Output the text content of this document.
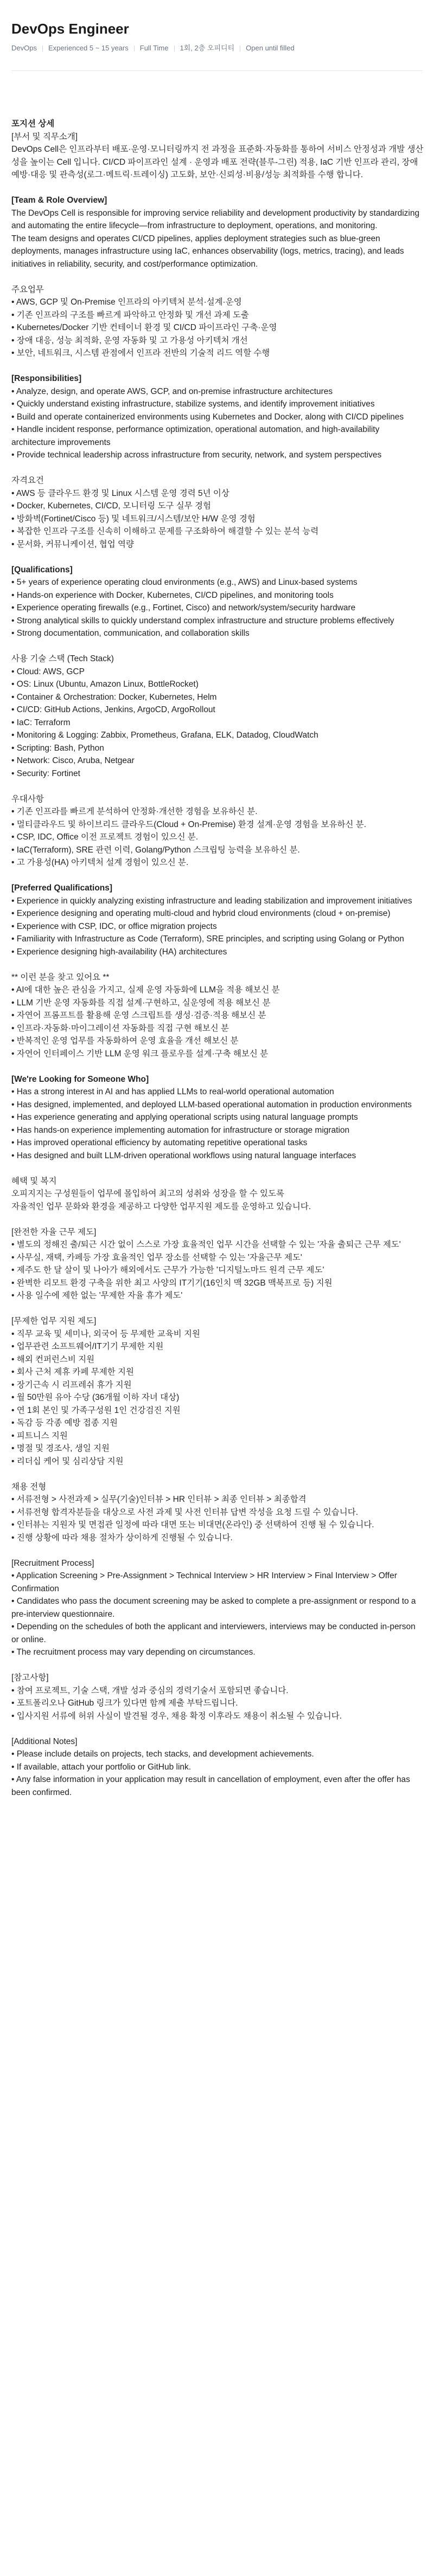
DevOps Engineer
DevOps Experienced 5 ~ 15 years Full Time 1회, 2층 오피디티 Open until filled

포지션 상세

[부서 및 직무소개]

DevOps Cell은 인프라부터 배포·운영·모니터링까지 전 과정을 표준화·자동화를 통하여 서비스 안정성과 개발 생산성을 높이는 Cell 입니다. CI/CD 파이프라인 설계 · 운영과 배포 전략(블루-그린) 적용, IaC 기반 인프라 관리, 장애 예방·대응 및 관측성(로그·메트릭·트레이싱) 고도화, 보안·신뢰성·비용/성능 최적화를 수행 합니다.

[Team & Role Overview]

The DevOps Cell is responsible for improving service reliability and development productivity by standardizing and automating the entire lifecycle—from infrastructure to deployment, operations, and monitoring.

The team designs and operates CI/CD pipelines, applies deployment strategies such as blue-green deployments, manages infrastructure using IaC, enhances observability (logs, metrics, tracing), and leads initiatives in reliability, security, and cost/performance optimization.

주요업무

• AWS, GCP 및 On-Premise 인프라의 아키텍처 분석·설계·운영

• 기존 인프라의 구조를 빠르게 파악하고 안정화 및 개선 과제 도출

• Kubernetes/Docker 기반 컨테이너 환경 및 CI/CD 파이프라인 구축·운영

• 장애 대응, 성능 최적화, 운영 자동화 및 고 가용성 아키텍처 개선

• 보안, 네트워크, 시스템 관점에서 인프라 전반의 기술적 리드 역할 수행

[Responsibilities]

• Analyze, design, and operate AWS, GCP, and on-premise infrastructure architectures

• Quickly understand existing infrastructure, stabilize systems, and identify improvement initiatives

• Build and operate containerized environments using Kubernetes and Docker, along with CI/CD pipelines

• Handle incident response, performance optimization, operational automation, and high-availability architecture improvements

• Provide technical leadership across infrastructure from security, network, and system perspectives

자격요건

• AWS 등 클라우드 환경 및 Linux 시스템 운영 경력 5년 이상

• Docker, Kubernetes, CI/CD, 모니터링 도구 실무 경험

• 방화벽(Fortinet/Cisco 등) 및 네트워크/시스템/보안 H/W 운영 경험

• 복잡한 인프라 구조를 신속히 이해하고 문제를 구조화하여 해결할 수 있는 분석 능력

• 문서화, 커뮤니케이션, 협업 역량

[Qualifications]

• 5+ years of experience operating cloud environments (e.g., AWS) and Linux-based systems

• Hands-on experience with Docker, Kubernetes, CI/CD pipelines, and monitoring tools

• Experience operating firewalls (e.g., Fortinet, Cisco) and network/system/security hardware

• Strong analytical skills to quickly understand complex infrastructure and structure problems effectively

• Strong documentation, communication, and collaboration skills

사용 기술 스택 (Tech Stack)

• Cloud: AWS, GCP

• OS: Linux (Ubuntu, Amazon Linux, BottleRocket)

• Container & Orchestration: Docker, Kubernetes, Helm

• CI/CD: GitHub Actions, Jenkins, ArgoCD, ArgoRollout

• IaC: Terraform

• Monitoring & Logging: Zabbix, Prometheus, Grafana, ELK, Datadog, CloudWatch

• Scripting: Bash, Python

• Network: Cisco, Aruba, Netgear

• Security: Fortinet

우대사항

• 기존 인프라를 빠르게 분석하여 안정화·개선한 경험을 보유하신 분.

• 멀티클라우드 및 하이브리드 클라우드(Cloud + On-Premise) 환경 설계·운영 경험을 보유하신 분.

• CSP, IDC, Office 이전 프로젝트 경험이 있으신 분.

• IaC(Terraform), SRE 관련 이력, Golang/Python 스크립팅 능력을 보유하신 분.

• 고 가용성(HA) 아키텍처 설계 경험이 있으신 분.

[Preferred Qualifications]

• Experience in quickly analyzing existing infrastructure and leading stabilization and improvement initiatives

• Experience designing and operating multi-cloud and hybrid cloud environments (cloud + on-premise)

• Experience with CSP, IDC, or office migration projects

• Familiarity with Infrastructure as Code (Terraform), SRE principles, and scripting using Golang or Python

• Experience designing high-availability (HA) architectures

** 이런 분을 찾고 있어요 **

• AI에 대한 높은 관심을 가지고, 실제 운영 자동화에 LLM을 적용 해보신 분

• LLM 기반 운영 자동화를 직접 설계·구현하고, 실운영에 적용 해보신 분

• 자연어 프롬프트를 활용해 운영 스크립트를 생성·검증·적용 해보신 분

• 인프라·자동화·마이그레이션 자동화를 직접 구현 해보신 분

• 반복적인 운영 업무를 자동화하여 운영 효율을 개선 해보신 분

• 자연어 인터페이스 기반 LLM 운영 워크 플로우를 설계·구축 해보신 분

[We're Looking for Someone Who]

• Has a strong interest in AI and has applied LLMs to real-world operational automation

• Has designed, implemented, and deployed LLM-based operational automation in production environments

• Has experience generating and applying operational scripts using natural language prompts

• Has hands-on experience implementing automation for infrastructure or storage migration

• Has improved operational efficiency by automating repetitive operational tasks

• Has designed and built LLM-driven operational workflows using natural language interfaces

혜택 및 복지

오피지지는 구성원들이 업무에 몰입하여 최고의 성취와 성장을 할 수 있도록

자율적인 업무 문화와 환경을 제공하고 다양한 업무지원 제도를 운영하고 있습니다.

[완전한 자율 근무 제도]

• 별도의 정해진 출/퇴근 시간 없이 스스로 가장 효율적인 업무 시간을 선택할 수 있는 '자율 출퇴근 근무 제도'

• 사무실, 재택, 카페등 가장 효율적인 업무 장소를 선택할 수 있는 '자율근무 제도'

• 제주도 한 달 살이 및 나아가 해외에서도 근무가 가능한 '디지털노마드 원격 근무 제도'

• 완벽한 리모트 환경 구축을 위한 최고 사양의 IT기기(16인치 맥 32GB 맥북프로 등) 지원

• 사용 일수에 제한 없는 '무제한 자율 휴가 제도'

[무제한 업무 지원 제도]

• 직무 교육 및 세미나, 외국어 등 무제한 교육비 지원

• 업무관련 소프트웨어/IT기기 무제한 지원

• 해외 컨퍼런스비 지원

• 회사 근처 제휴 카페 무제한 지원

• 장기근속 시 리프레쉬 휴가 지원

• 월 50만원 유아 수당 (36개월 이하 자녀 대상)

• 연 1회 본인 및 가족구성원 1인 건강검진 지원

• 독감 등 각종 예방 접종 지원

• 피트니스 지원

• 명절 및 경조사, 생일 지원

• 리더십 케어 및 심리상담 지원

채용 전형

• 서류전형 > 사전과제 > 실무(기술)인터뷰 > HR 인터뷰 > 최종 인터뷰 > 최종합격

• 서류전형 합격자분들을 대상으로 사전 과제 및 사전 인터뷰 답변 작성을 요청 드릴 수 있습니다.

• 인터뷰는 지원자 및 면접관 일정에 따라 대면 또는 비대면(온라인) 중 선택하여 진행 될 수 있습니다.

• 진행 상황에 따라 채용 절차가 상이하게 진행될 수 있습니다.

[Recruitment Process]

• Application Screening > Pre-Assignment > Technical Interview > HR Interview > Final Interview > Offer Confirmation

• Candidates who pass the document screening may be asked to complete a pre-assignment or respond to a pre-interview questionnaire.

• Depending on the schedules of both the applicant and interviewers, interviews may be conducted in-person or online.

• The recruitment process may vary depending on circumstances.

[참고사항]

• 참여 프로젝트, 기술 스택, 개발 성과 중심의 경력기술서 포함되면 좋습니다.

• 포트폴리오나 GitHub 링크가 있다면 함께 제출 부탁드립니다.

• 입사지원 서류에 허위 사실이 발견될 경우, 채용 확정 이후라도 채용이 취소될 수 있습니다.

[Additional Notes]

• Please include details on projects, tech stacks, and development achievements.

• If available, attach your portfolio or GitHub link.

• Any false information in your application may result in cancellation of employment, even after the offer has been confirmed.
